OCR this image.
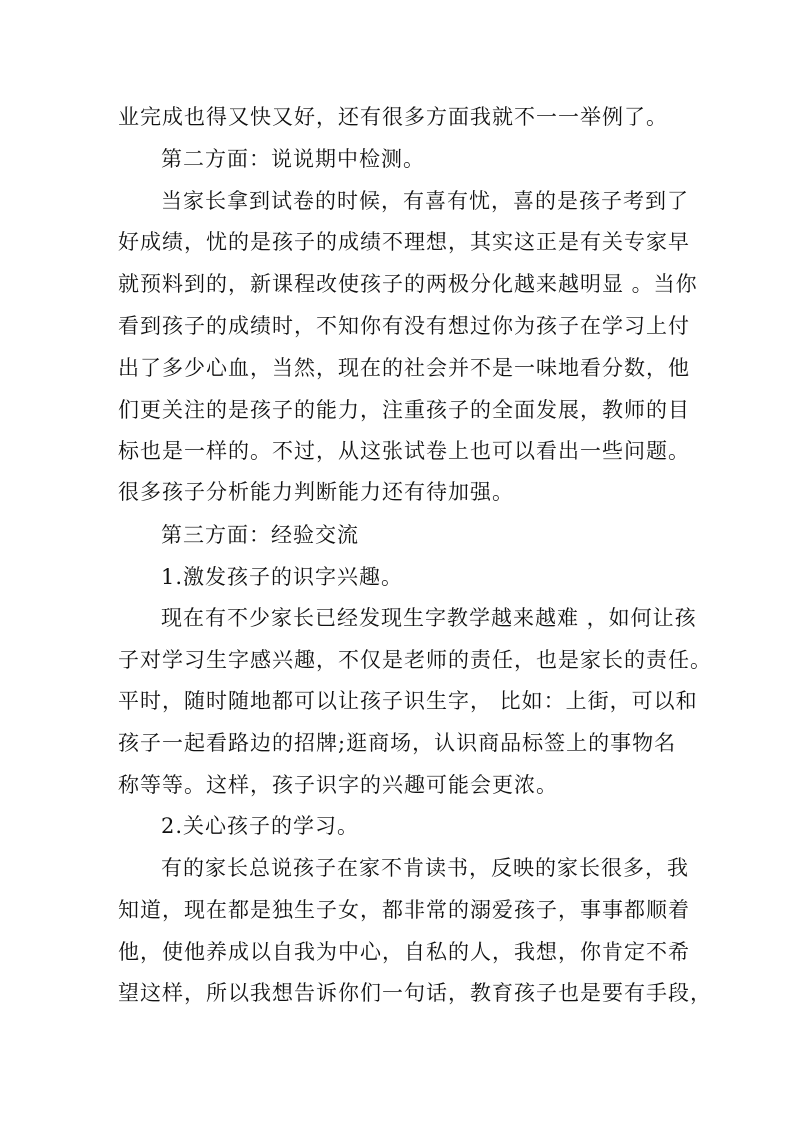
业完成也得又快又好，还有很多方面我就不一一举例了。
第二方面：说说期中检测。
当家长拿到试卷的时候，有喜有忧，喜的是孩子考到了
好成绩，忧的是孩子的成绩不理想，其实这正是有关专家早
就预料到的，新课程改使孩子的两极分化越来越明显 。当你
看到孩子的成绩时，不知你有没有想过你为孩子在学习上付
出了多少心血，当然，现在的社会并不是一味地看分数，他
们更关注的是孩子的能力，注重孩子的全面发展，教师的目
标也是一样的。不过，从这张试卷上也可以看出一些问题。
很多孩子分析能力判断能力还有待加强。
第三方面：经验交流
1.激发孩子的识字兴趣。
现在有不少家长已经发现生字教学越来越难 ，如何让孩
子对学习生字感兴趣，不仅是老师的责任，也是家长的责任。
平时，随时随地都可以让孩子识生字， 比如：上街，可以和
孩子一起看路边的招牌;逛商场，认识商品标签上的事物名
称等等。这样，孩子识字的兴趣可能会更浓。
2.关心孩子的学习。
有的家长总说孩子在家不肯读书，反映的家长很多，我
知道，现在都是独生子女，都非常的溺爱孩子，事事都顺着
他，使他养成以自我为中心，自私的人，我想，你肯定不希
望这样，所以我想告诉你们一句话，教育孩子也是要有手段，
